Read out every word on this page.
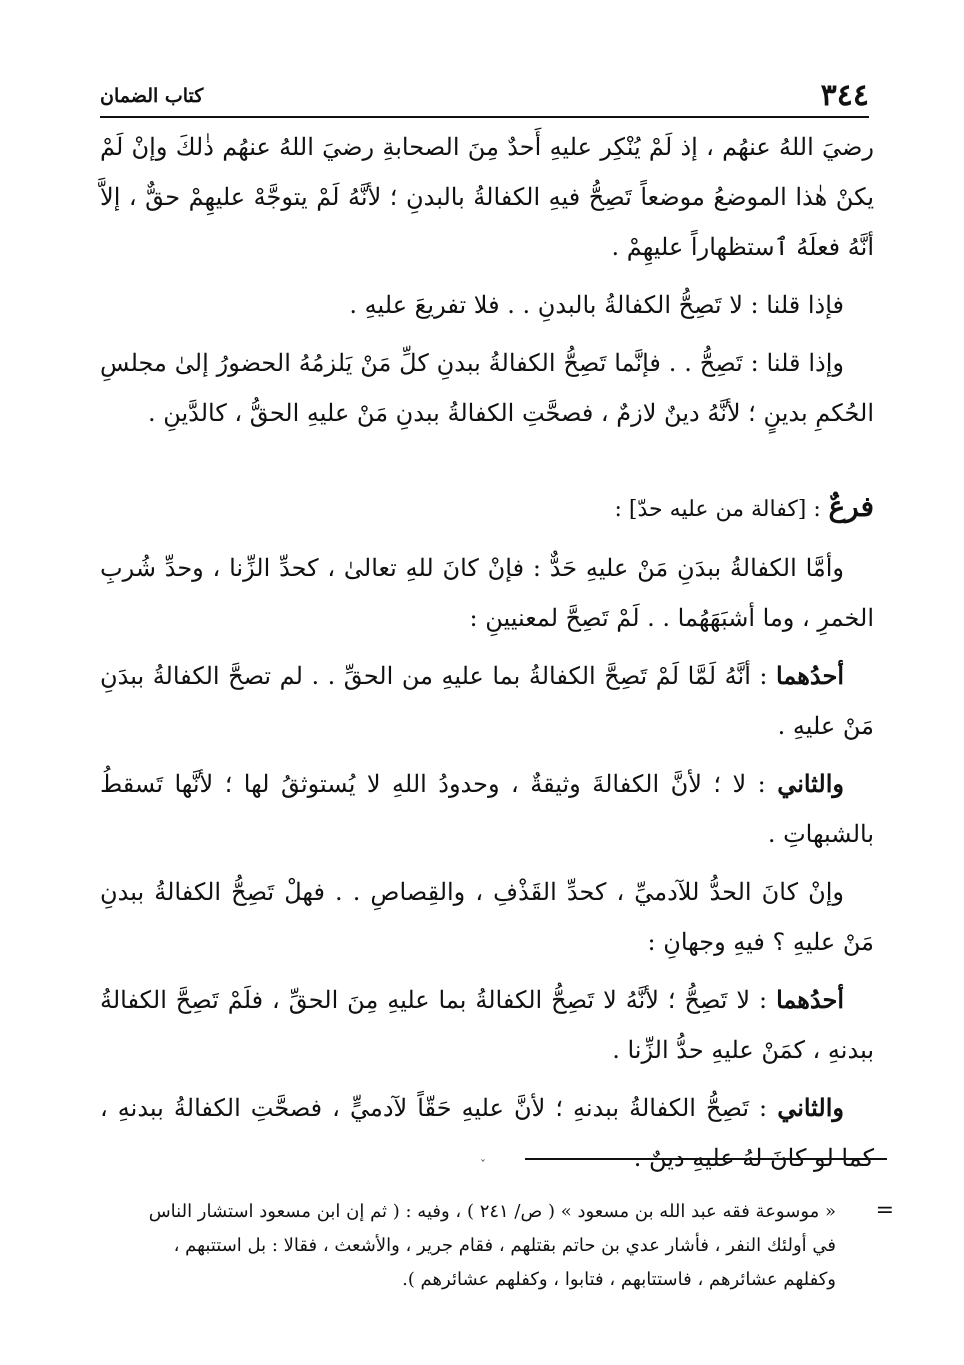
٣٤٤
كتاب الضمان

رضيَ اللهُ عنهُم ، إذ لَمْ يُنْكِر عليهِ أَحدٌ مِنَ الصحابةِ رضيَ اللهُ عنهُم ذٰلكَ وإنْ لَمْ يكنْ هٰذا الموضعُ موضعاً تَصِحُّ فيهِ الكفالةُ بالبدنِ ؛ لأنَّهُ لَمْ يتوجَّهْ عليهِمْ حقٌّ ، إلاَّ أنَّهُ فعلَهُ ٱستظهاراً عليهِمْ .

فإذا قلنا : لا تَصِحُّ الكفالةُ بالبدنِ . . فلا تفريعَ عليهِ .

وإذا قلنا : تَصِحُّ . . فإنَّما تَصِحُّ الكفالةُ ببدنِ كلِّ مَنْ يَلزمُهُ الحضورُ إلىٰ مجلسِ الحُكمِ بدينٍ ؛ لأنَّهُ دينٌ لازمٌ ، فصحَّتِ الكفالةُ ببدنِ مَنْ عليهِ الحقُّ ، كالدَّينِ .

فرعٌ : [كفالة من عليه حدّ] :

وأمَّا الكفالةُ ببدَنِ مَنْ عليهِ حَدٌّ : فإنْ كانَ للهِ تعالىٰ ، كحدِّ الزِّنا ، وحدِّ شُربِ الخمرِ ، وما أشبَهَهُما . . لَمْ تَصِحَّ لمعنيينِ :

أحدُهما : أنَّهُ لَمَّا لَمْ تَصِحَّ الكفالةُ بما عليهِ من الحقِّ . . لم تصحَّ الكفالةُ ببدَنِ مَنْ عليهِ .

والثاني : لا ؛ لأنَّ الكفالةَ وثيقةٌ ، وحدودُ اللهِ لا يُستوثقُ لها ؛ لأنَّها تَسقطُ بالشبهاتِ .

وإنْ كانَ الحدُّ للآدميِّ ، كحدِّ القَذْفِ ، والقِصاصِ . . فهلْ تَصِحُّ الكفالةُ ببدنِ مَنْ عليهِ ؟ فيهِ وجهانِ :

أحدُهما : لا تَصِحُّ ؛ لأنَّهُ لا تَصِحُّ الكفالةُ بما عليهِ مِنَ الحقِّ ، فلَمْ تَصِحَّ الكفالةُ ببدنهِ ، كمَنْ عليهِ حدُّ الزِّنا .

والثاني : تَصِحُّ الكفالةُ ببدنهِ ؛ لأنَّ عليهِ حَقّاً لآدميٍّ ، فصحَّتِ الكفالةُ ببدنهِ ، كما لو كانَ لهُ عليهِ دينٌ .

ˇ
=

« موسوعة فقه عبد الله بن مسعود » ( ص/ ٢٤١ ) ، وفيه : ( ثم إن ابن مسعود استشار الناس

في أولئك النفر ، فأشار عدي بن حاتم بقتلهم ، فقام جرير ، والأشعث ، فقالا : بل استتبهم ،

وكفلهم عشائرهم ، فاستتابهم ، فتابوا ، وكفلهم عشائرهم ).
